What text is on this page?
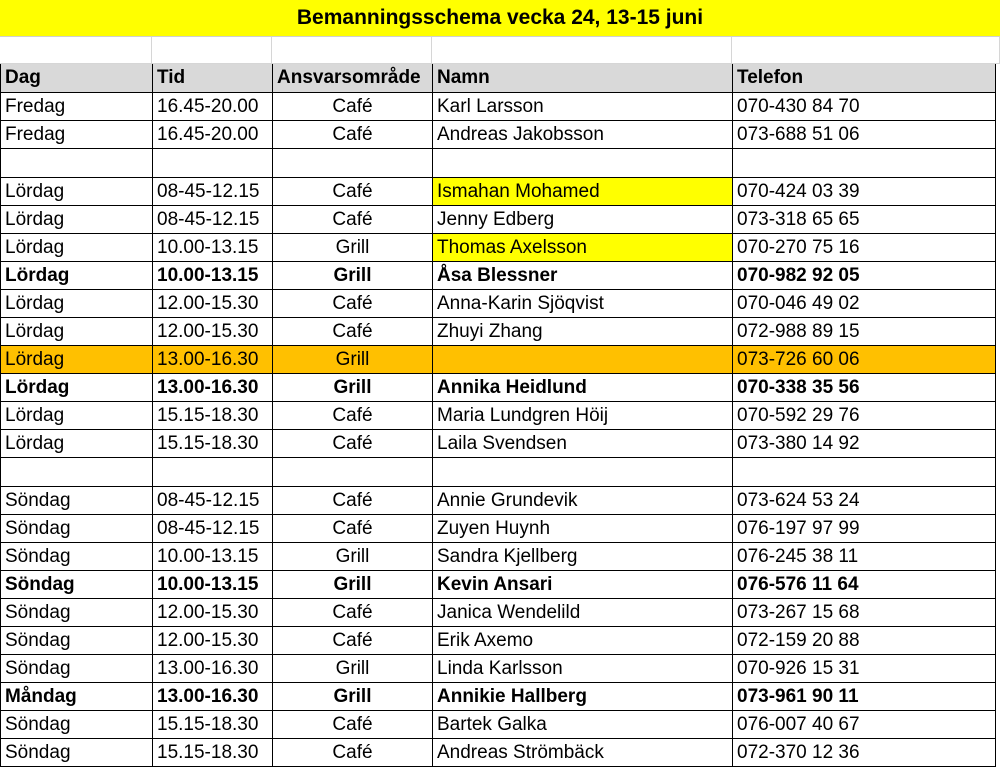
Bemanningsschema vecka 24, 13-15 juni
Dag	Tid	Ansvarsområde	Namn	Telefon
Fredag	16.45-20.00	Café	Karl Larsson	070-430 84 70
Fredag	16.45-20.00	Café	Andreas Jakobsson	073-688 51 06

Lördag	08-45-12.15	Café	Ismahan Mohamed	070-424 03 39
Lördag	08-45-12.15	Café	Jenny Edberg	073-318 65 65
Lördag	10.00-13.15	Grill	Thomas Axelsson	070-270 75 16
Lördag	10.00-13.15	Grill	Åsa Blessner	070-982 92 05
Lördag	12.00-15.30	Café	Anna-Karin Sjöqvist	070-046 49 02
Lördag	12.00-15.30	Café	Zhuyi Zhang	072-988 89 15
Lördag	13.00-16.30	Grill		073-726 60 06
Lördag	13.00-16.30	Grill	Annika Heidlund	070-338 35 56
Lördag	15.15-18.30	Café	Maria Lundgren Höij	070-592 29 76
Lördag	15.15-18.30	Café	Laila Svendsen	073-380 14 92

Söndag	08-45-12.15	Café	Annie Grundevik	073-624 53 24
Söndag	08-45-12.15	Café	Zuyen Huynh	076-197 97 99
Söndag	10.00-13.15	Grill	Sandra Kjellberg	076-245 38 11
Söndag	10.00-13.15	Grill	Kevin Ansari	076-576 11 64
Söndag	12.00-15.30	Café	Janica Wendelild	073-267 15 68
Söndag	12.00-15.30	Café	Erik Axemo	072-159 20 88
Söndag	13.00-16.30	Grill	Linda Karlsson	070-926 15 31
Måndag	13.00-16.30	Grill	Annikie Hallberg	073-961 90 11
Söndag	15.15-18.30	Café	Bartek Galka	076-007 40 67
Söndag	15.15-18.30	Café	Andreas Strömbäck	072-370 12 36
